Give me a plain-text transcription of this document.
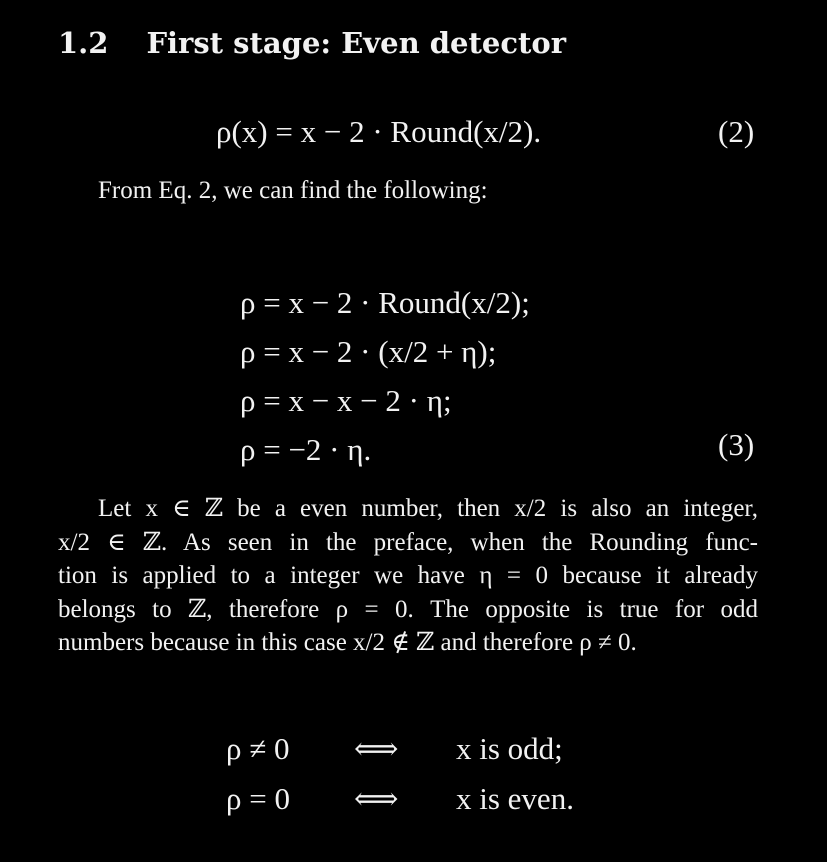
1.2 First stage: Even detector
ρ(x) = x − 2 · Round(x/2).	(2)
From Eq. 2, we can find the following:
ρ = x − 2 · Round(x/2);
ρ = x − 2 · (x/2 + η);
ρ = x − x − 2 · η;
ρ = −2 · η.	(3)
Let x ∈ ℤ be a even number, then x/2 is also an integer,
x/2 ∈ ℤ. As seen in the preface, when the Rounding func-
tion is applied to a integer we have η = 0 because it already
belongs to ℤ, therefore ρ = 0. The opposite is true for odd
numbers because in this case x/2 ∉ ℤ and therefore ρ ≠ 0.
ρ ≠ 0 ⟺ x is odd;
ρ = 0 ⟺ x is even.
